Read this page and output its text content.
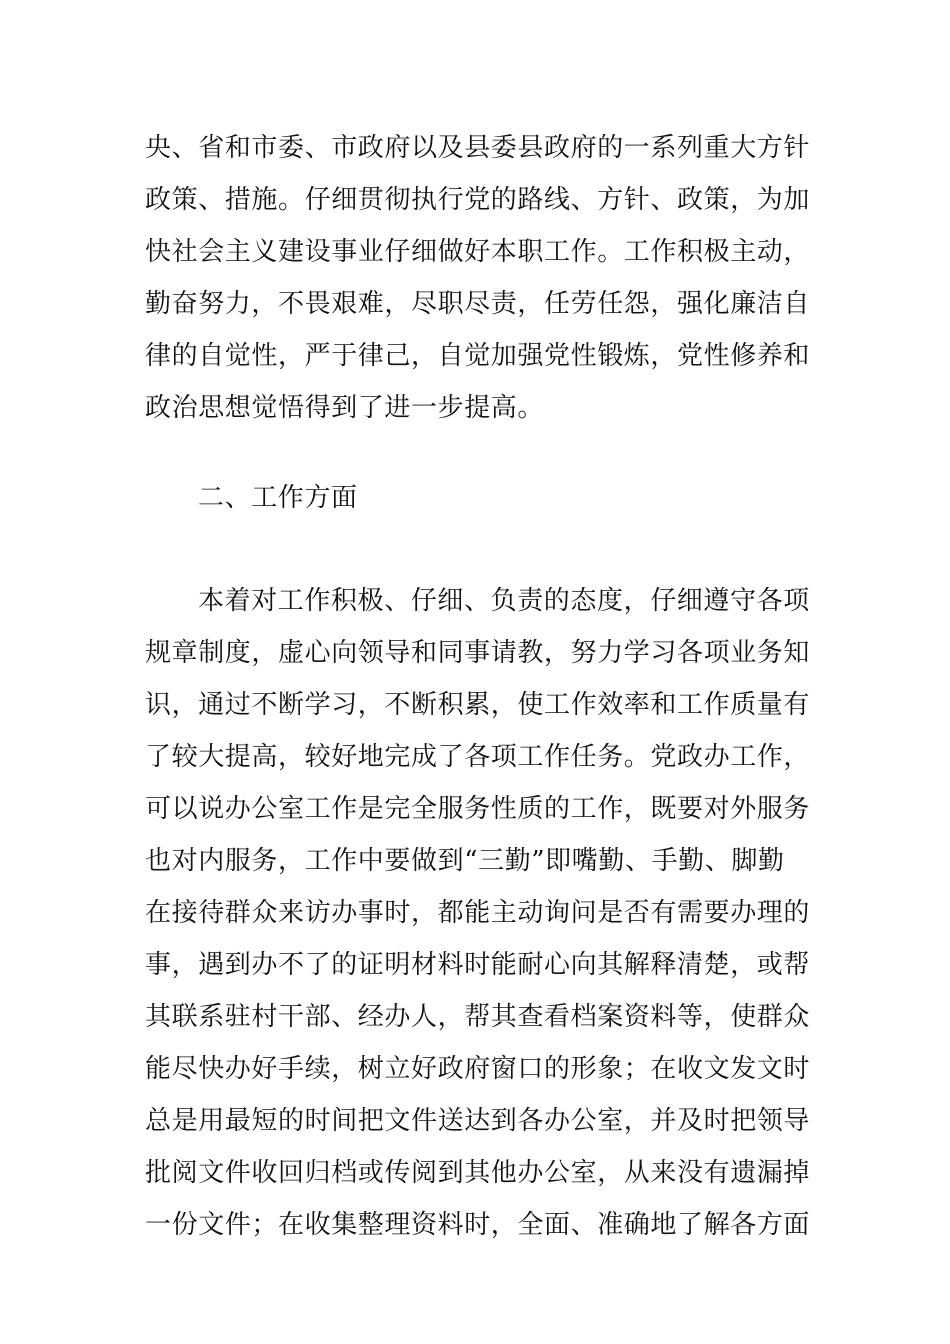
央、省和市委、市政府以及县委县政府的一系列重大方针
政策、措施。仔细贯彻执行党的路线、方针、政策，为加
快社会主义建设事业仔细做好本职工作。工作积极主动，
勤奋努力，不畏艰难，尽职尽责，任劳任怨，强化廉洁自
律的自觉性，严于律己，自觉加强党性锻炼，党性修养和
政治思想觉悟得到了进一步提高。
二、工作方面
本着对工作积极、仔细、负责的态度，仔细遵守各项
规章制度，虚心向领导和同事请教，努力学习各项业务知
识，通过不断学习，不断积累，使工作效率和工作质量有
了较大提高，较好地完成了各项工作任务。党政办工作，
可以说办公室工作是完全服务性质的工作，既要对外服务
也对内服务，工作中要做到“三勤”即嘴勤、手勤、脚勤
在接待群众来访办事时，都能主动询问是否有需要办理的
事，遇到办不了的证明材料时能耐心向其解释清楚，或帮
其联系驻村干部、经办人，帮其查看档案资料等，使群众
能尽快办好手续，树立好政府窗口的形象；在收文发文时
总是用最短的时间把文件送达到各办公室，并及时把领导
批阅文件收回归档或传阅到其他办公室，从来没有遗漏掉
一份文件；在收集整理资料时，全面、准确地了解各方面
